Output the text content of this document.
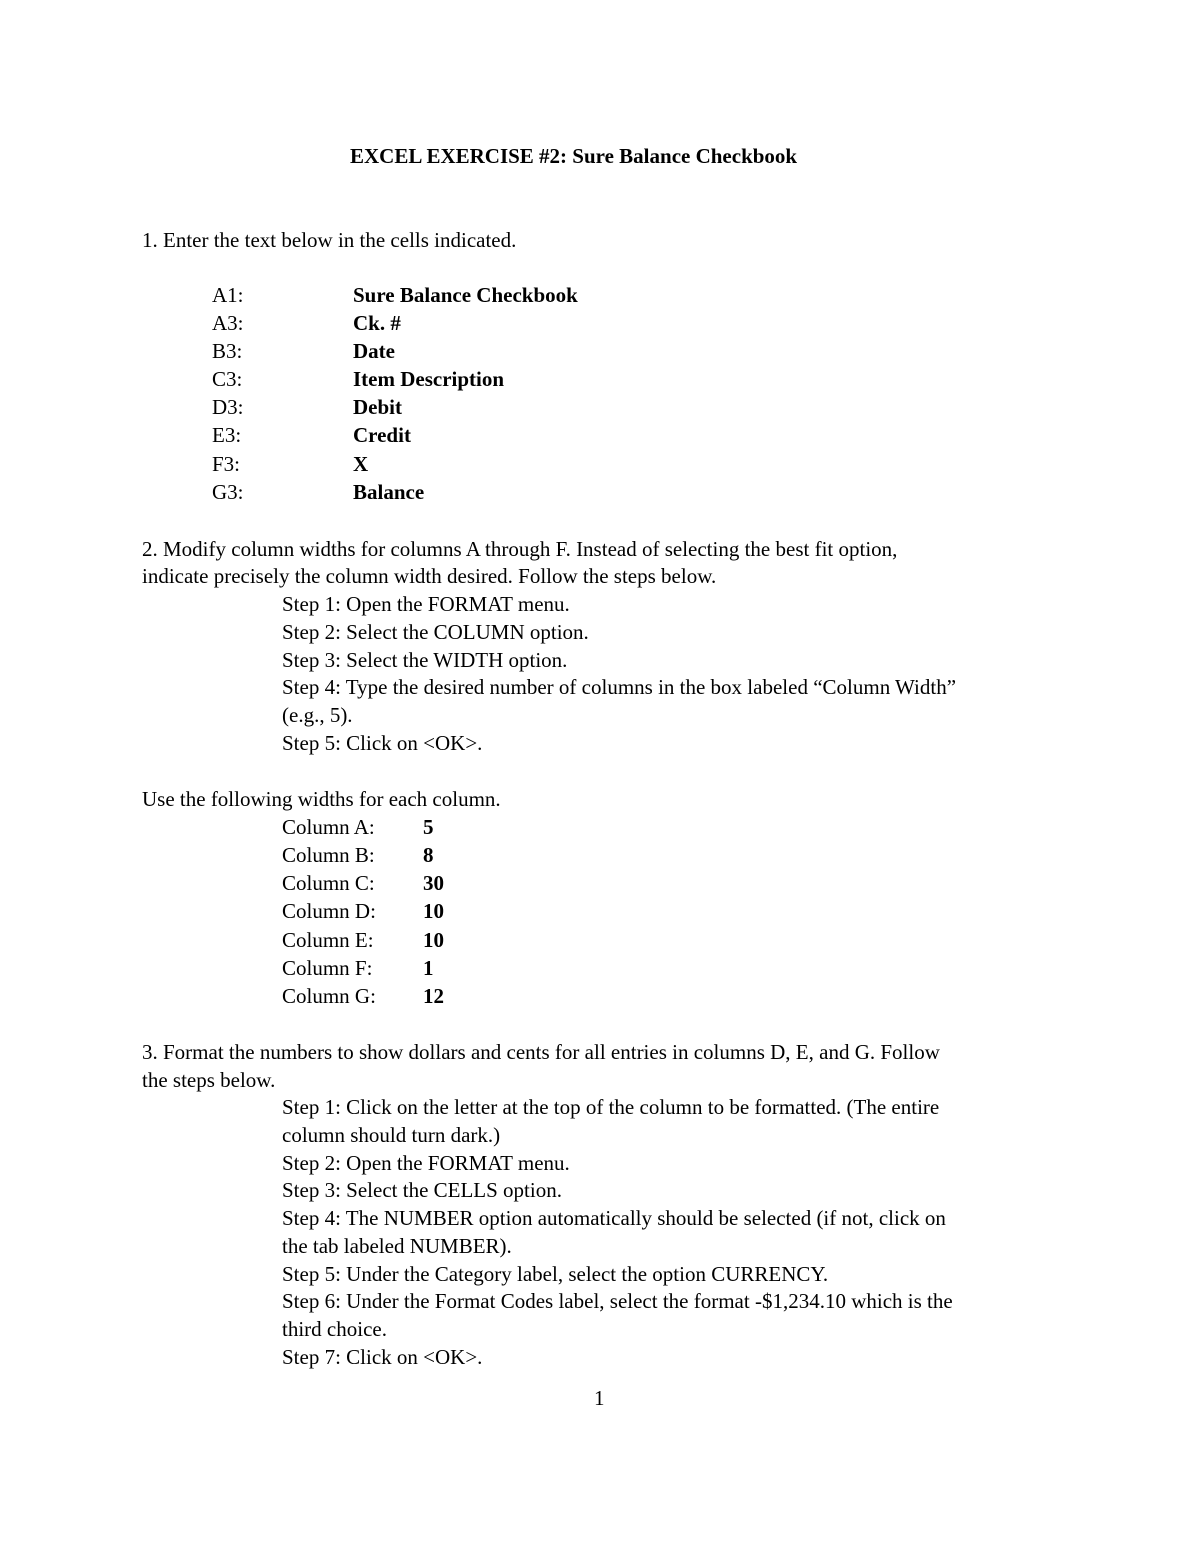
EXCEL EXERCISE #2: Sure Balance Checkbook
1. Enter the text below in the cells indicated.
A1:	Sure Balance Checkbook
A3:	Ck. #
B3:	Date
C3:	Item Description
D3:	Debit
E3:	Credit
F3:	X
G3:	Balance
2. Modify column widths for columns A through F. Instead of selecting the best fit option,
indicate precisely the column width desired. Follow the steps below.
Step 1: Open the FORMAT menu.
Step 2: Select the COLUMN option.
Step 3: Select the WIDTH option.
Step 4: Type the desired number of columns in the box labeled “Column Width”
(e.g., 5).
Step 5: Click on <OK>.
Use the following widths for each column.
Column A: 5
Column B: 8
Column C: 30
Column D: 10
Column E: 10
Column F: 1
Column G: 12
3. Format the numbers to show dollars and cents for all entries in columns D, E, and G. Follow
the steps below.
Step 1: Click on the letter at the top of the column to be formatted. (The entire
column should turn dark.)
Step 2: Open the FORMAT menu.
Step 3: Select the CELLS option.
Step 4: The NUMBER option automatically should be selected (if not, click on
the tab labeled NUMBER).
Step 5: Under the Category label, select the option CURRENCY.
Step 6: Under the Format Codes label, select the format -$1,234.10 which is the
third choice.
Step 7: Click on <OK>.
1
